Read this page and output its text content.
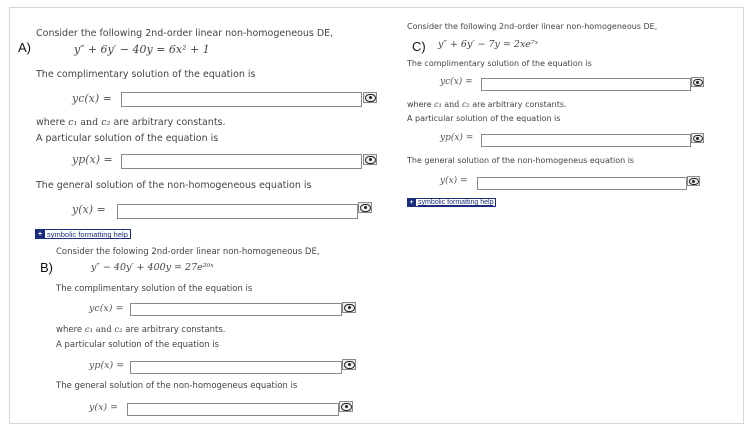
Consider the following 2nd-order linear non-homogeneous DE,
A)	y″ + 6y′ − 40y = 6x² + 1
The complimentary solution of the equation is
yc(x) =
where c₁ and c₂ are arbitrary constants.
A particular solution of the equation is
yp(x) =
The general solution of the non-homogeneous equation is
y(x) =
+ symbolic formatting help
Consider the folowing 2nd-order linear non-homogeneous DE,
B)	y″ − 40y′ + 400y = 27e²⁰ˣ
The complimentary solution of the equation is
yc(x) =
where c₁ and c₂ are arbitrary constants.
A particular solution of the equation is
yp(x) =
The general solution of the non-homogeneus equation is
y(x) =
Consider the following 2nd-order linear non-homogeneous DE,
C) y″ + 6y′ − 7y = 2xe⁷ˣ
The complimentary solution of the equation is
yc(x) =
where c₁ and c₂ are arbitrary constants.
A particular solution of the equation is
yp(x) =
The general solution of the non-homogeneus equation is
y(x) =
+ symbolic formatting help
